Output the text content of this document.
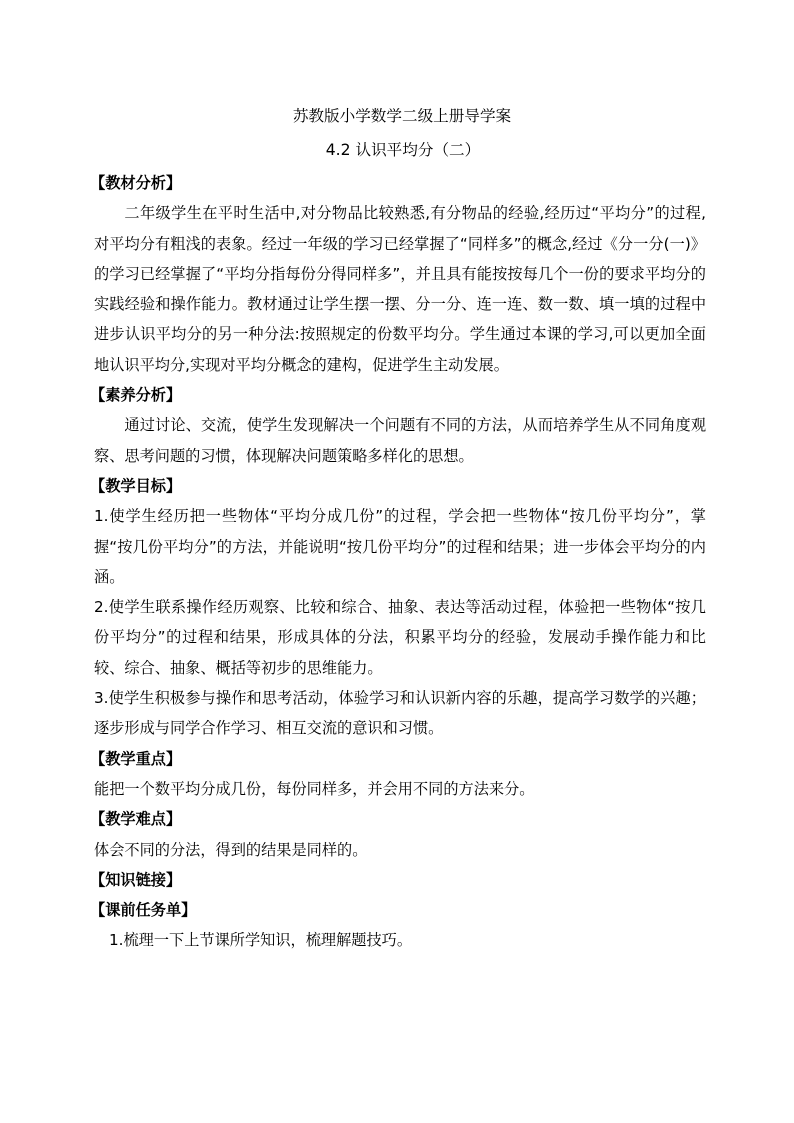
苏教版小学数学二级上册导学案
4.2 认识平均分（二）
【教材分析】

二年级学生在平时生活中,对分物品比较熟悉,有分物品的经验,经历过“平均分”的过程,对平均分有粗浅的表象。经过一年级的学习已经掌握了“同样多”的概念,经过《分一分(一)》的学习已经掌握了“平均分指每份分得同样多”，并且具有能按按每几个一份的要求平均分的实践经验和操作能力。教材通过让学生摆一摆、分一分、连一连、数一数、填一填的过程中进步认识平均分的另一种分法:按照规定的份数平均分。学生通过本课的学习,可以更加全面地认识平均分,实现对平均分概念的建构，促进学生主动发展。

【素养分析】

通过讨论、交流，使学生发现解决一个问题有不同的方法，从而培养学生从不同角度观察、思考问题的习惯，体现解决问题策略多样化的思想。

【教学目标】

1.使学生经历把一些物体“平均分成几份”的过程，学会把一些物体“按几份平均分”，掌握“按几份平均分”的方法，并能说明“按几份平均分”的过程和结果；进一步体会平均分的内涵。

2.使学生联系操作经历观察、比较和综合、抽象、表达等活动过程，体验把一些物体“按几份平均分”的过程和结果，形成具体的分法，积累平均分的经验，发展动手操作能力和比较、综合、抽象、概括等初步的思维能力。

3.使学生积极参与操作和思考活动，体验学习和认识新内容的乐趣，提高学习数学的兴趣；逐步形成与同学合作学习、相互交流的意识和习惯。

【教学重点】

能把一个数平均分成几份，每份同样多，并会用不同的方法来分。

【教学难点】

体会不同的分法，得到的结果是同样的。

【知识链接】
【课前任务单】

1.梳理一下上节课所学知识，梳理解题技巧。
